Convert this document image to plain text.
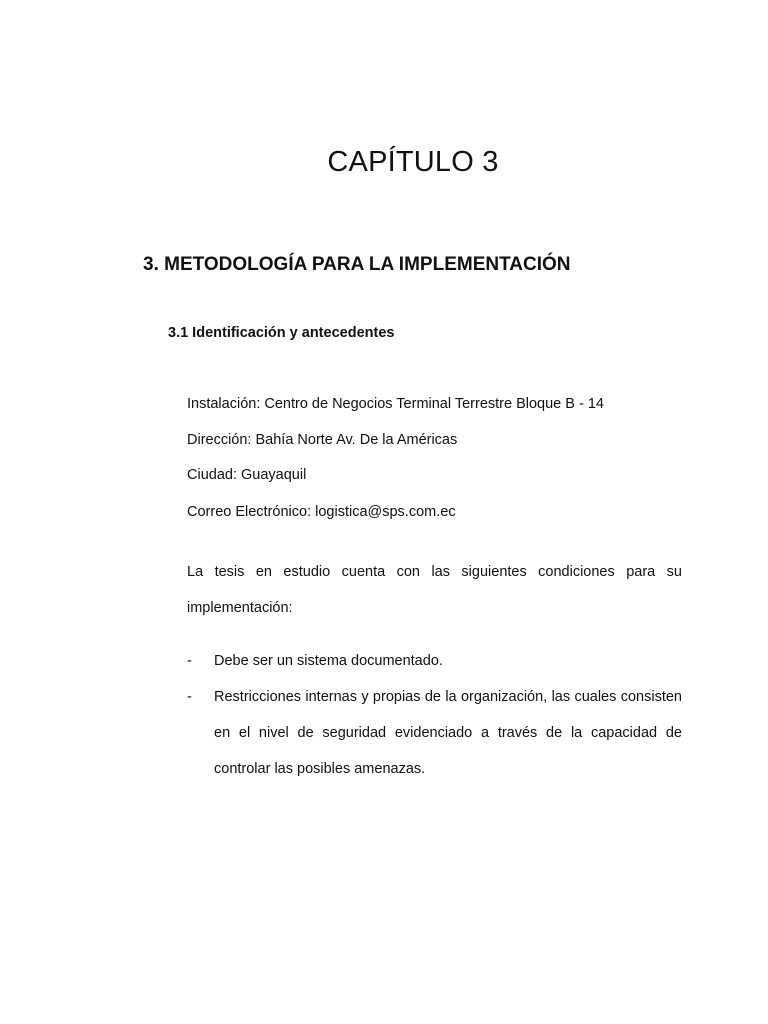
CAPÍTULO 3
3. METODOLOGÍA PARA LA IMPLEMENTACIÓN
3.1 Identificación y antecedentes
Instalación: Centro de Negocios Terminal Terrestre Bloque B - 14
Dirección: Bahía Norte Av. De la Américas
Ciudad: Guayaquil
Correo Electrónico: logistica@sps.com.ec

La tesis en estudio cuenta con las siguientes condiciones para su implementación:

- Debe ser un sistema documentado.
- Restricciones internas y propias de la organización, las cuales consisten en el nivel de seguridad evidenciado a través de la capacidad de controlar las posibles amenazas.
